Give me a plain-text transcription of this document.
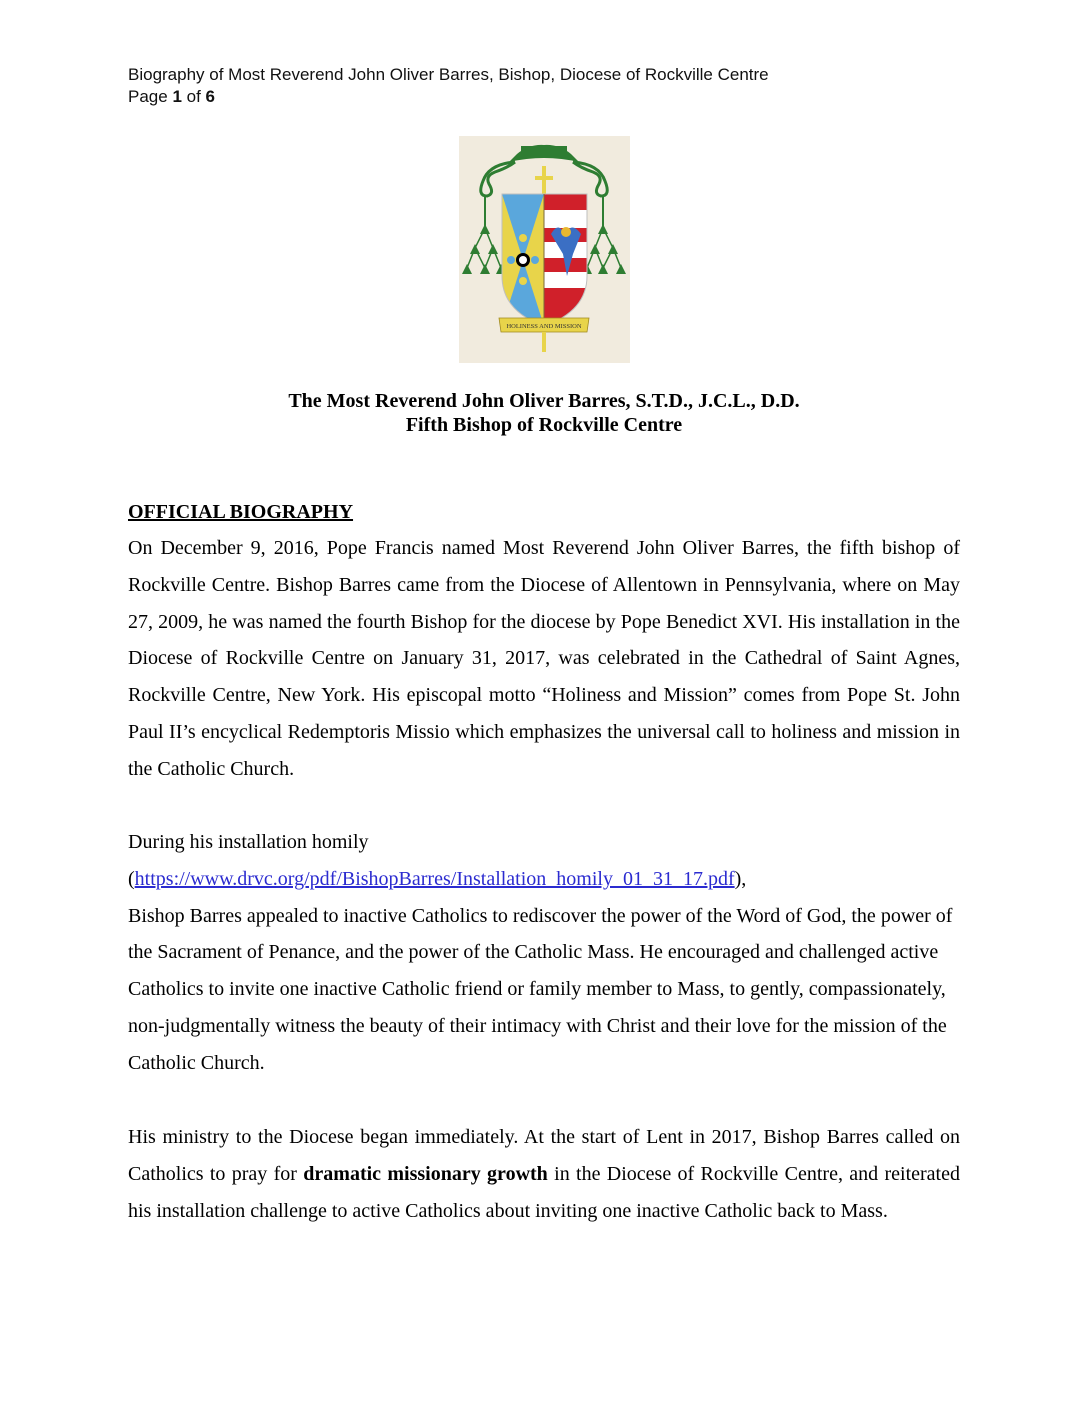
Biography of Most Reverend John Oliver Barres, Bishop, Diocese of Rockville Centre
Page 1 of 6
HOLINESS AND MISSION
The Most Reverend John Oliver Barres, S.T.D., J.C.L., D.D.
Fifth Bishop of Rockville Centre
OFFICIAL BIOGRAPHY

On December 9, 2016, Pope Francis named Most Reverend John Oliver Barres, the fifth bishop of Rockville Centre. Bishop Barres came from the Diocese of Allentown in Pennsylvania, where on May 27, 2009, he was named the fourth Bishop for the diocese by Pope Benedict XVI. His installation in the Diocese of Rockville Centre on January 31, 2017, was celebrated in the Cathedral of Saint Agnes, Rockville Centre, New York. His episcopal motto “Holiness and Mission” comes from Pope St. John Paul II’s encyclical Redemptoris Missio which emphasizes the universal call to holiness and mission in the Catholic Church.

During his installation homily

(https://www.drvc.org/pdf/BishopBarres/Installation_homily_01_31_17.pdf),

Bishop Barres appealed to inactive Catholics to rediscover the power of the Word of God, the power of the Sacrament of Penance, and the power of the Catholic Mass. He encouraged and challenged active Catholics to invite one inactive Catholic friend or family member to Mass, to gently, compassionately, non-judgmentally witness the beauty of their intimacy with Christ and their love for the mission of the Catholic Church.

His ministry to the Diocese began immediately. At the start of Lent in 2017, Bishop Barres called on Catholics to pray for dramatic missionary growth in the Diocese of Rockville Centre, and reiterated his installation challenge to active Catholics about inviting one inactive Catholic back to Mass.
